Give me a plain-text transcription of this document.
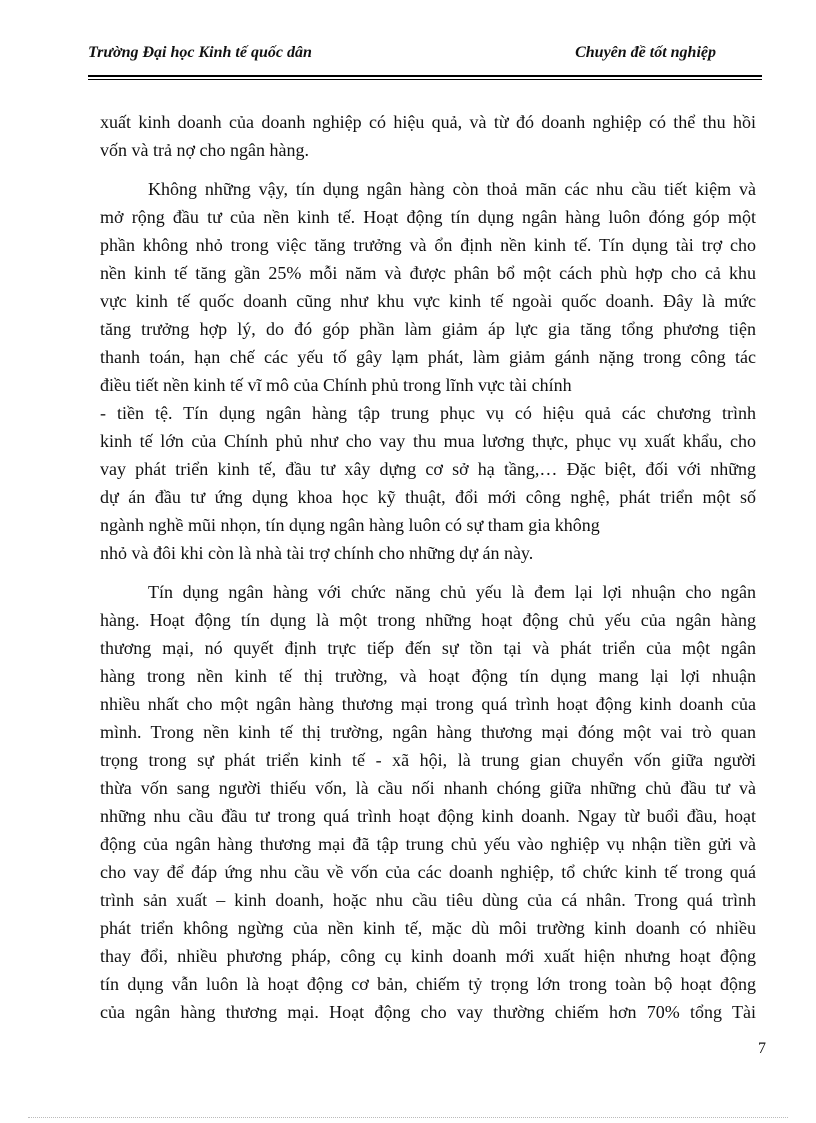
Trường Đại học Kinh tế quốc dân	Chuyên đề tốt nghiệp
xuất kinh doanh của doanh nghiệp có hiệu quả, và từ đó doanh nghiệp có thể thu hồi
vốn và trả nợ cho ngân hàng.
Không những vậy, tín dụng ngân hàng còn thoả mãn các nhu cầu tiết kiệm và
mở rộng đầu tư của nền kinh tế. Hoạt động tín dụng ngân hàng luôn đóng góp một
phần không nhỏ trong việc tăng trưởng và ổn định nền kinh tế. Tín dụng tài trợ cho
nền kinh tế tăng gần 25% mỗi năm và được phân bổ một cách phù hợp cho cả khu
vực kinh tế quốc doanh cũng như khu vực kinh tế ngoài quốc doanh. Đây là mức
tăng trưởng hợp lý, do đó góp phần làm giảm áp lực gia tăng tổng phương tiện
thanh toán, hạn chế các yếu tố gây lạm phát, làm giảm gánh nặng trong công tác
điều tiết nền kinh tế vĩ mô của Chính phủ trong lĩnh vực tài chính
- tiền tệ. Tín dụng ngân hàng tập trung phục vụ có hiệu quả các chương trình
kinh tế lớn của Chính phủ như cho vay thu mua lương thực, phục vụ xuất khẩu, cho
vay phát triển kinh tế, đầu tư xây dựng cơ sở hạ tầng,… Đặc biệt, đối với những
dự án đầu tư ứng dụng khoa học kỹ thuật, đổi mới công nghệ, phát triển một số
ngành nghề mũi nhọn, tín dụng ngân hàng luôn có sự tham gia không
nhỏ và đôi khi còn là nhà tài trợ chính cho những dự án này.
Tín dụng ngân hàng với chức năng chủ yếu là đem lại lợi nhuận cho ngân
hàng. Hoạt động tín dụng là một trong những hoạt động chủ yếu của ngân hàng
thương mại, nó quyết định trực tiếp đến sự tồn tại và phát triển của một ngân
hàng trong nền kinh tế thị trường, và hoạt động tín dụng mang lại lợi nhuận
nhiều nhất cho một ngân hàng thương mại trong quá trình hoạt động kinh doanh của
mình. Trong nền kinh tế thị trường, ngân hàng thương mại đóng một vai trò quan
trọng trong sự phát triển kinh tế - xã hội, là trung gian chuyển vốn giữa người
thừa vốn sang người thiếu vốn, là cầu nối nhanh chóng giữa những chủ đầu tư và
những nhu cầu đầu tư trong quá trình hoạt động kinh doanh. Ngay từ buổi đầu, hoạt
động của ngân hàng thương mại đã tập trung chủ yếu vào nghiệp vụ nhận tiền gửi và
cho vay để đáp ứng nhu cầu về vốn của các doanh nghiệp, tổ chức kinh tế trong quá
trình sản xuất – kinh doanh, hoặc nhu cầu tiêu dùng của cá nhân. Trong quá trình
phát triển không ngừng của nền kinh tế, mặc dù môi trường kinh doanh có nhiều
thay đổi, nhiều phương pháp, công cụ kinh doanh mới xuất hiện nhưng hoạt động
tín dụng vẫn luôn là hoạt động cơ bản, chiếm tỷ trọng lớn trong toàn bộ hoạt động
của ngân hàng thương mại. Hoạt động cho vay thường chiếm hơn 70% tổng Tài
7
